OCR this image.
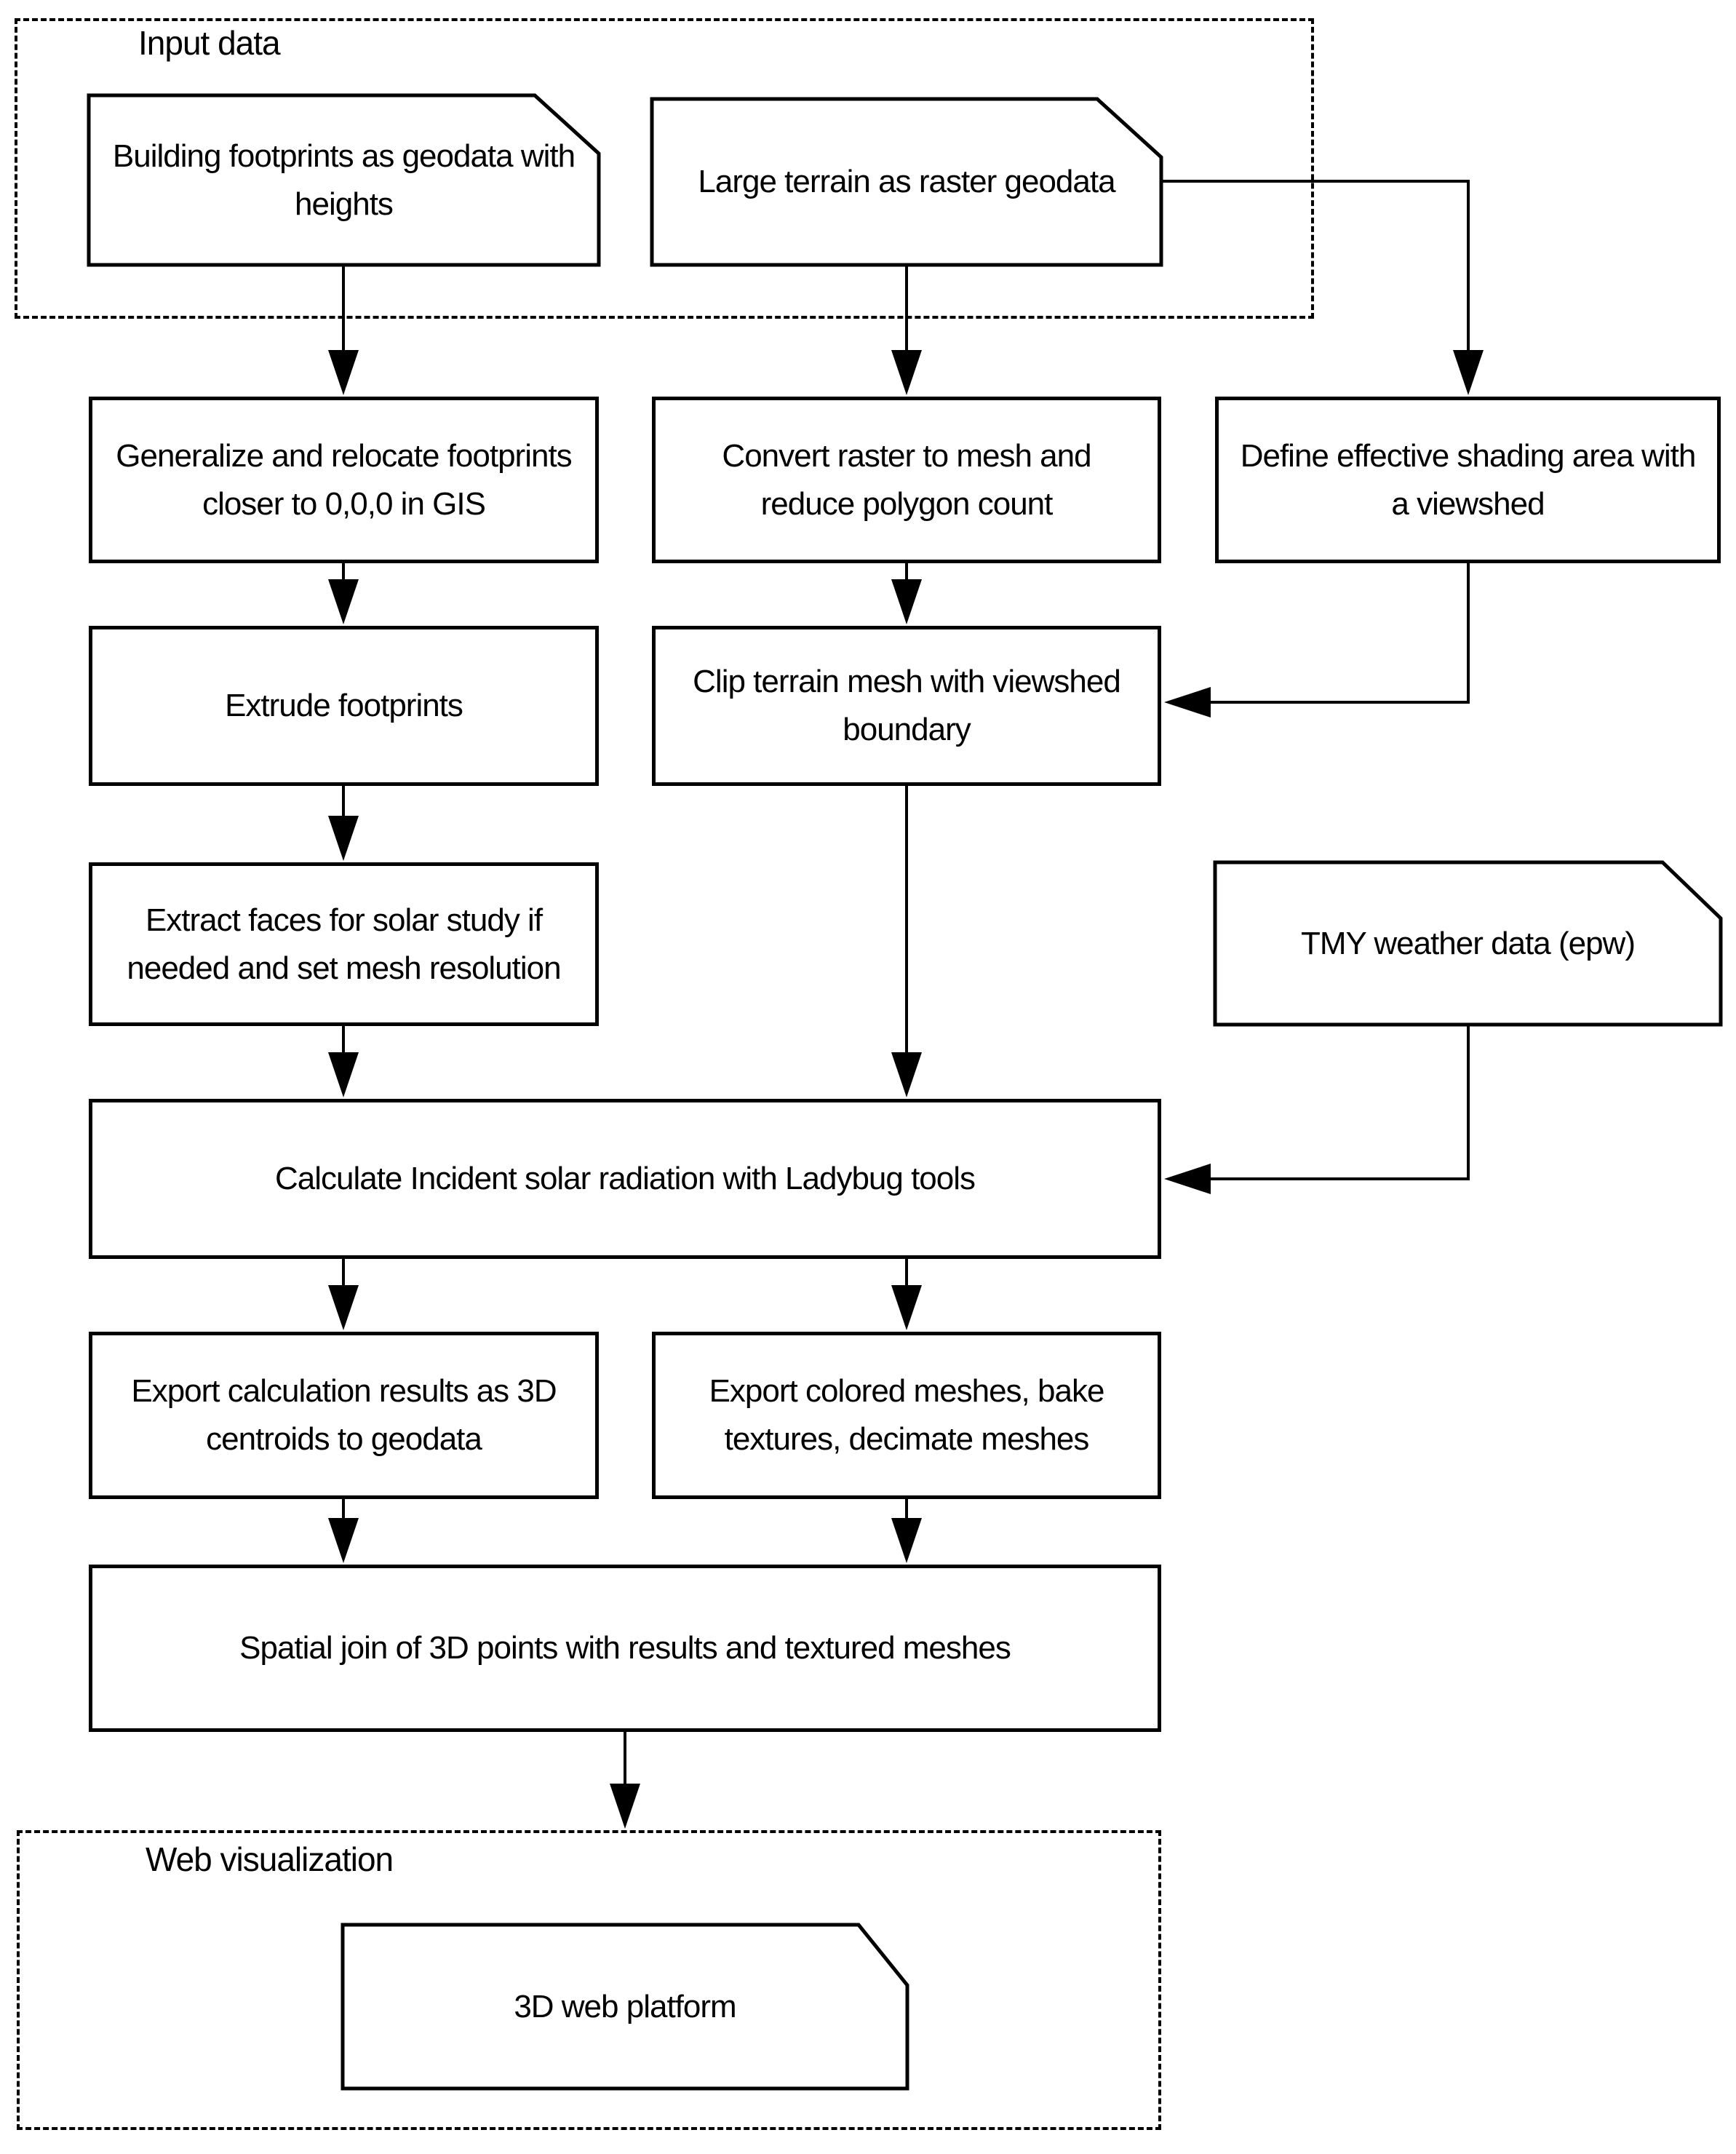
Generalize and relocate footprints closer to 0,0,0 in GIS
Convert raster to mesh and reduce polygon count
Define effective shading area with a viewshed
Extrude footprints
Clip terrain mesh with viewshed boundary
Extract faces for solar study if needed and set mesh resolution
Calculate Incident solar radiation with Ladybug tools
Export calculation results as 3D centroids to geodata
Export colored meshes, bake textures, decimate meshes
Spatial join of 3D points with results and textured meshes
Building footprints as geodata with heights
Large terrain as raster geodata
TMY weather data (epw)
3D web platform
Input data
Web visualization
